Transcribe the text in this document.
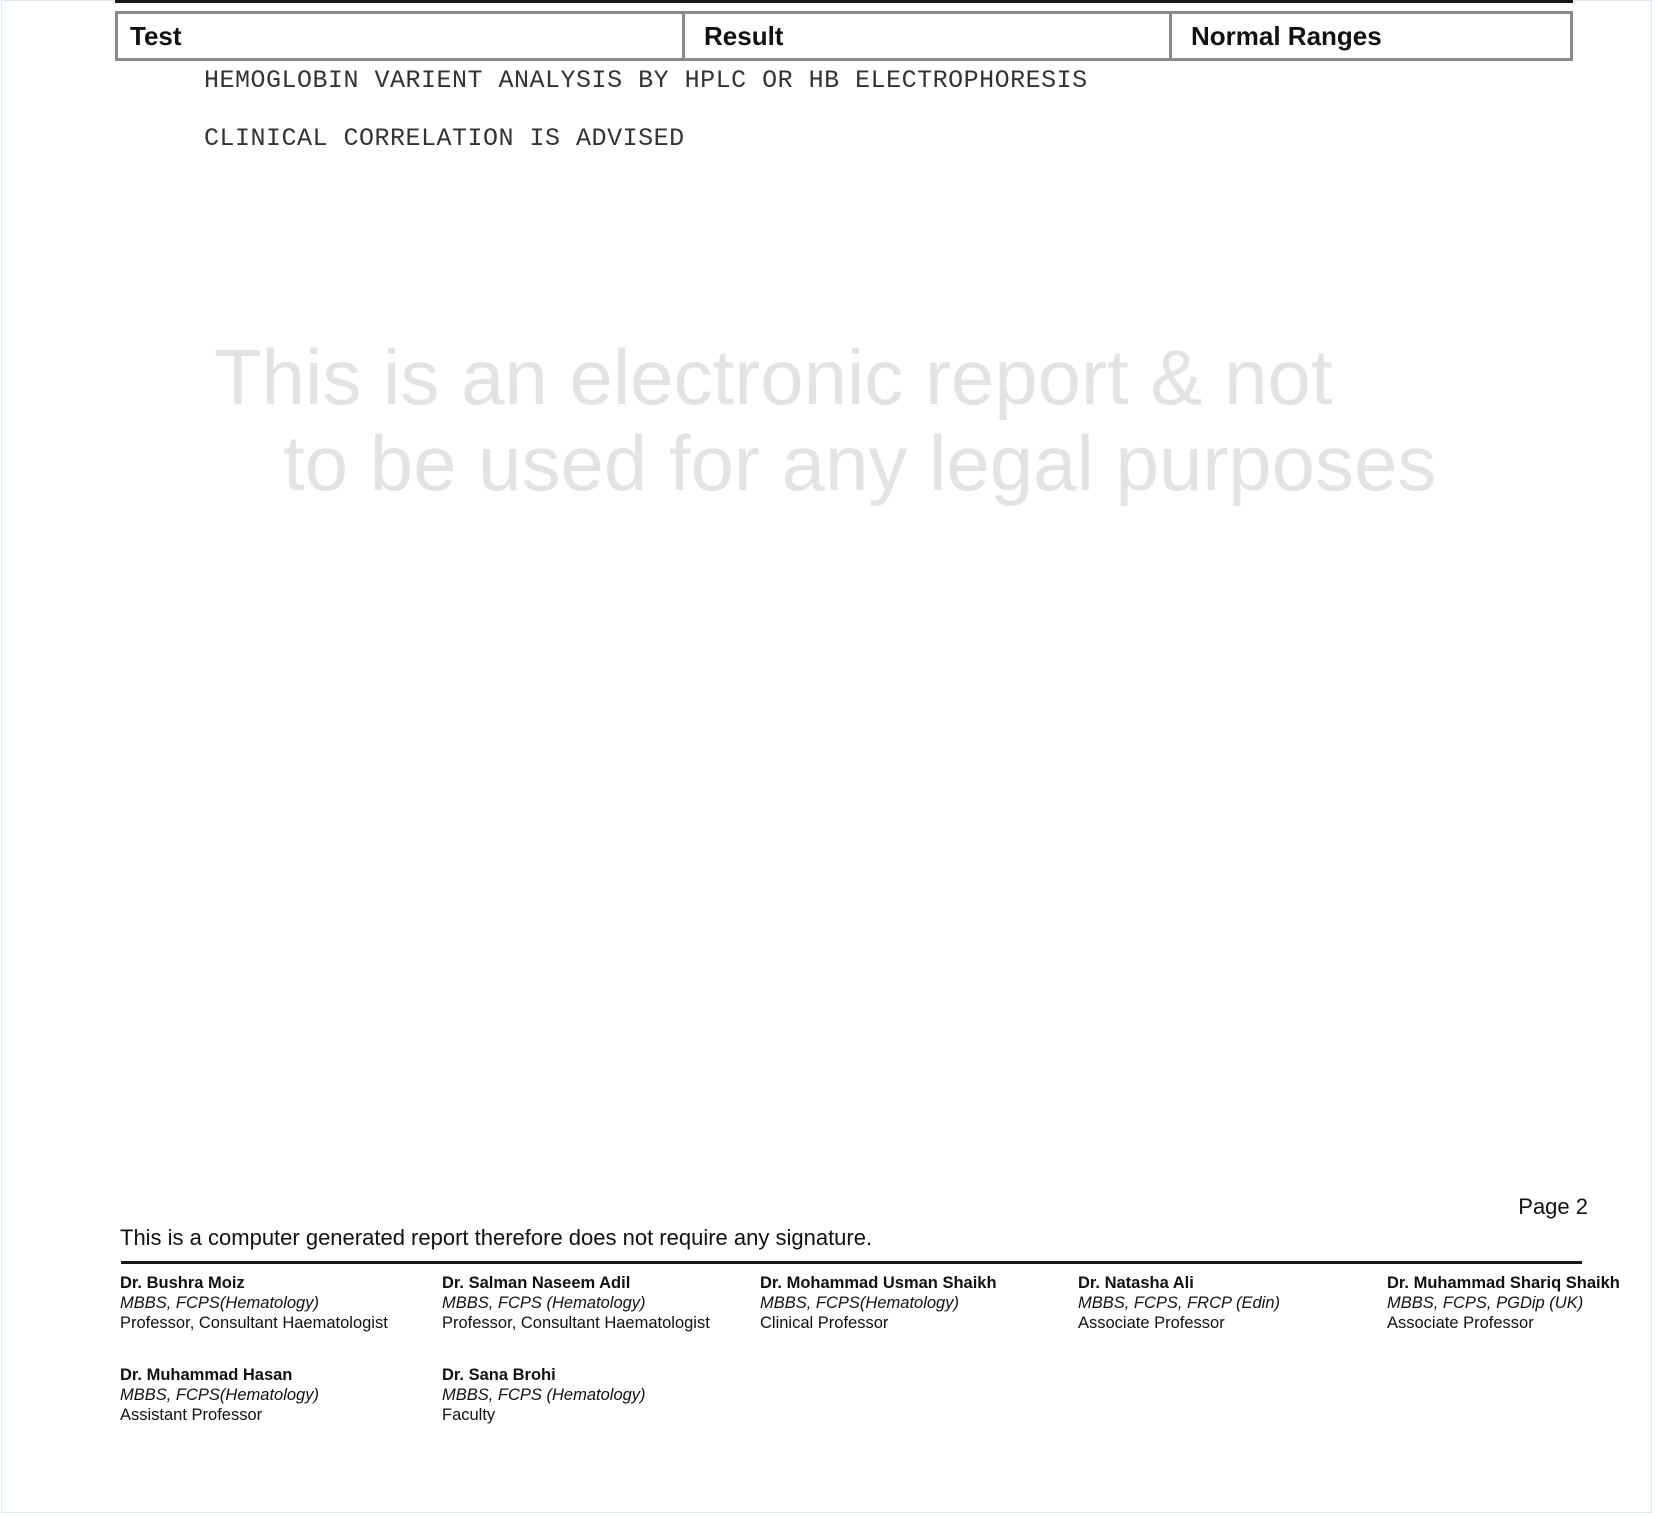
Test	Result	Normal Ranges
HEMOGLOBIN VARIENT ANALYSIS BY HPLC OR HB ELECTROPHORESIS
CLINICAL CORRELATION IS ADVISED
This is an electronic report & not
to be used for any legal purposes
Page 2
This is a computer generated report therefore does not require any signature.
Dr. Bushra Moiz
MBBS, FCPS(Hematology)
Professor, Consultant Haematologist
Dr. Salman Naseem Adil
MBBS, FCPS (Hematology)
Professor, Consultant Haematologist
Dr. Mohammad Usman Shaikh
MBBS, FCPS(Hematology)
Clinical Professor
Dr. Natasha Ali
MBBS, FCPS, FRCP (Edin)
Associate Professor
Dr. Muhammad Shariq Shaikh
MBBS, FCPS, PGDip (UK)
Associate Professor
Dr. Muhammad Hasan
MBBS, FCPS(Hematology)
Assistant Professor
Dr. Sana Brohi
MBBS, FCPS (Hematology)
Faculty
